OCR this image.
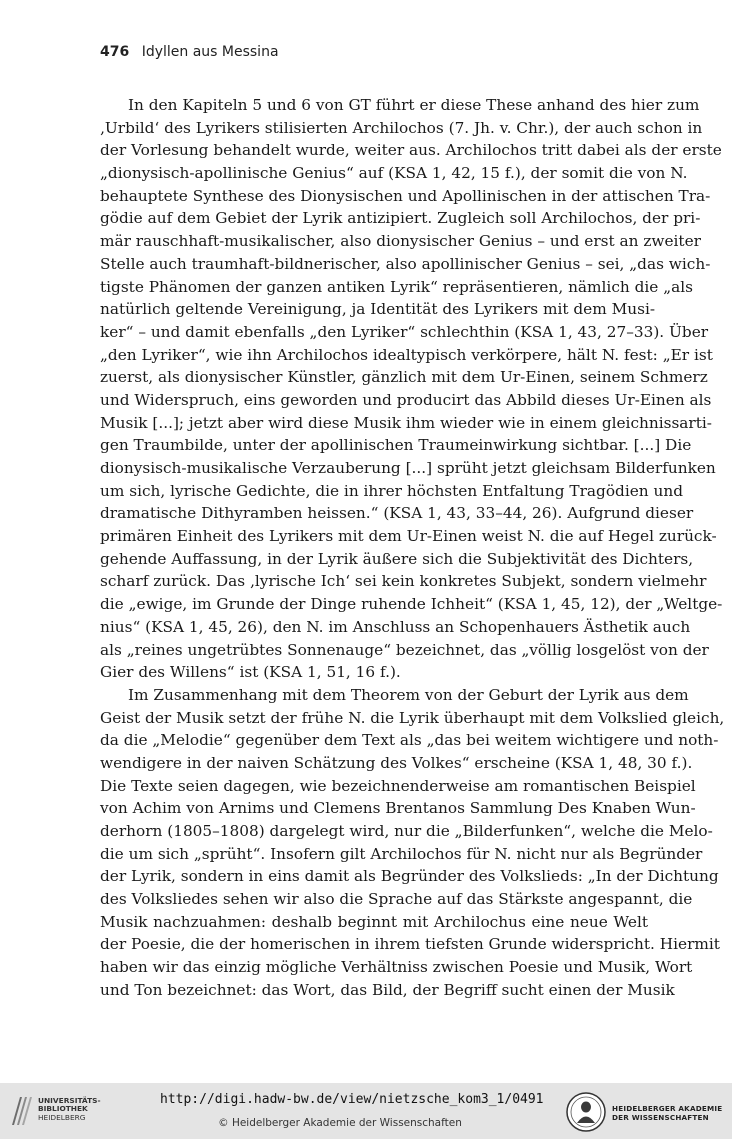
476 Idyllen aus Messina
In den Kapiteln 5 und 6 von GT führt er diese These anhand des hier zum
‚Urbild‘ des Lyrikers stilisierten Archilochos (7. Jh. v. Chr.), der auch schon in
der Vorlesung behandelt wurde, weiter aus. Archilochos tritt dabei als der erste
„dionysisch-apollinische Genius“ auf (KSA 1, 42, 15 f.), der somit die von N.
behauptete Synthese des Dionysischen und Apollinischen in der attischen Tra-
gödie auf dem Gebiet der Lyrik antizipiert. Zugleich soll Archilochos, der pri-
mär rauschhaft-musikalischer, also dionysischer Genius – und erst an zweiter
Stelle auch traumhaft-bildnerischer, also apollinischer Genius – sei, „das wich-
tigste Phänomen der ganzen antiken Lyrik“ repräsentieren, nämlich die „als
natürlich geltende Vereinigung, ja Identität des Lyrikers mit dem Musi-
ker“ – und damit ebenfalls „den Lyriker“ schlechthin (KSA 1, 43, 27–33). Über
„den Lyriker“, wie ihn Archilochos idealtypisch verkörpere, hält N. fest: „Er ist
zuerst, als dionysischer Künstler, gänzlich mit dem Ur-Einen, seinem Schmerz
und Widerspruch, eins geworden und producirt das Abbild dieses Ur-Einen als
Musik [...]; jetzt aber wird diese Musik ihm wieder wie in einem gleichnissarti-
gen Traumbilde, unter der apollinischen Traumeinwirkung sichtbar. [...] Die
dionysisch-musikalische Verzauberung [...] sprüht jetzt gleichsam Bilderfunken
um sich, lyrische Gedichte, die in ihrer höchsten Entfaltung Tragödien und
dramatische Dithyramben heissen.“ (KSA 1, 43, 33–44, 26). Aufgrund dieser
primären Einheit des Lyrikers mit dem Ur-Einen weist N. die auf Hegel zurück-
gehende Auffassung, in der Lyrik äußere sich die Subjektivität des Dichters,
scharf zurück. Das ‚lyrische Ich‘ sei kein konkretes Subjekt, sondern vielmehr
die „ewige, im Grunde der Dinge ruhende Ichheit“ (KSA 1, 45, 12), der „Weltge-
nius“ (KSA 1, 45, 26), den N. im Anschluss an Schopenhauers Ästhetik auch
als „reines ungetrübtes Sonnenauge“ bezeichnet, das „völlig losgelöst von der
Gier des Willens“ ist (KSA 1, 51, 16 f.).
Im Zusammenhang mit dem Theorem von der Geburt der Lyrik aus dem
Geist der Musik setzt der frühe N. die Lyrik überhaupt mit dem Volkslied gleich,
da die „Melodie“ gegenüber dem Text als „das bei weitem wichtigere und noth-
wendigere in der naiven Schätzung des Volkes“ erscheine (KSA 1, 48, 30 f.).
Die Texte seien dagegen, wie bezeichnenderweise am romantischen Beispiel
von Achim von Arnims und Clemens Brentanos Sammlung Des Knaben Wun-
derhorn (1805–1808) dargelegt wird, nur die „Bilderfunken“, welche die Melo-
die um sich „sprüht“. Insofern gilt Archilochos für N. nicht nur als Begründer
der Lyrik, sondern in eins damit als Begründer des Volkslieds: „In der Dichtung
des Volksliedes sehen wir also die Sprache auf das Stärkste angespannt, die
Musik nachzuahmen: deshalb beginnt mit Archilochus eine neue Welt
der Poesie, die der homerischen in ihrem tiefsten Grunde widerspricht. Hiermit
haben wir das einzig mögliche Verhältniss zwischen Poesie und Musik, Wort
und Ton bezeichnet: das Wort, das Bild, der Begriff sucht einen der Musik
UNIVERSITÄTS-
BIBLIOTHEK
HEIDELBERG
http://digi.hadw-bw.de/view/nietzsche_kom3_1/0491
© Heidelberger Akademie der Wissenschaften
HEIDELBERGER AKADEMIE
DER WISSENSCHAFTEN
